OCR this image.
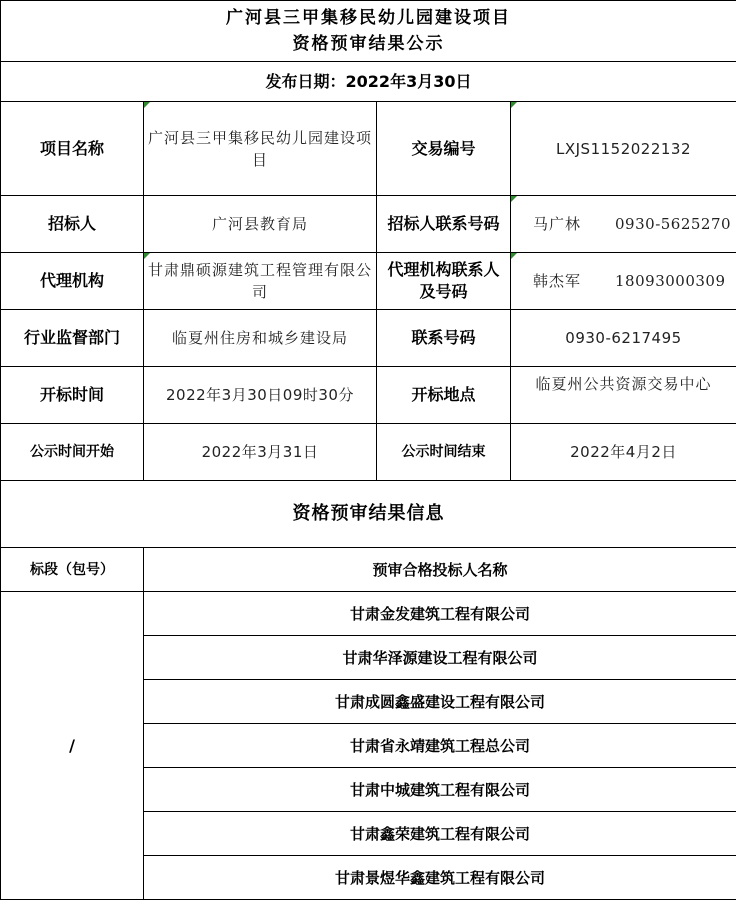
广河县三甲集移民幼儿园建设项目
资格预审结果公示			

发布日期：2022年3月30日			
项目名称	广河县三甲集移民幼儿园建设项目	交易编号	LXJS1152022132
招标人	广河县教育局	招标人联系号码	马广林 0930-5625270
代理机构	甘肃鼎硕源建筑工程管理有限公司	代理机构联系人及号码	韩杰军 18093000309
行业监督部门	临夏州住房和城乡建设局	联系号码	0930-6217495
开标时间	2022年3月30日09时30分	开标地点	临夏州公共资源交易中心

公示时间开始	2022年3月31日	公示时间结束	2022年4月2日
资格预审结果信息			
标段（包号）	预审合格投标人名称		
/	甘肃金发建筑工程有限公司		
	甘肃华泽源建设工程有限公司		
	甘肃成圆鑫盛建设工程有限公司		
	甘肃省永靖建筑工程总公司		
	甘肃中城建筑工程有限公司		
	甘肃鑫荣建筑工程有限公司		
	甘肃景煜华鑫建筑工程有限公司		
